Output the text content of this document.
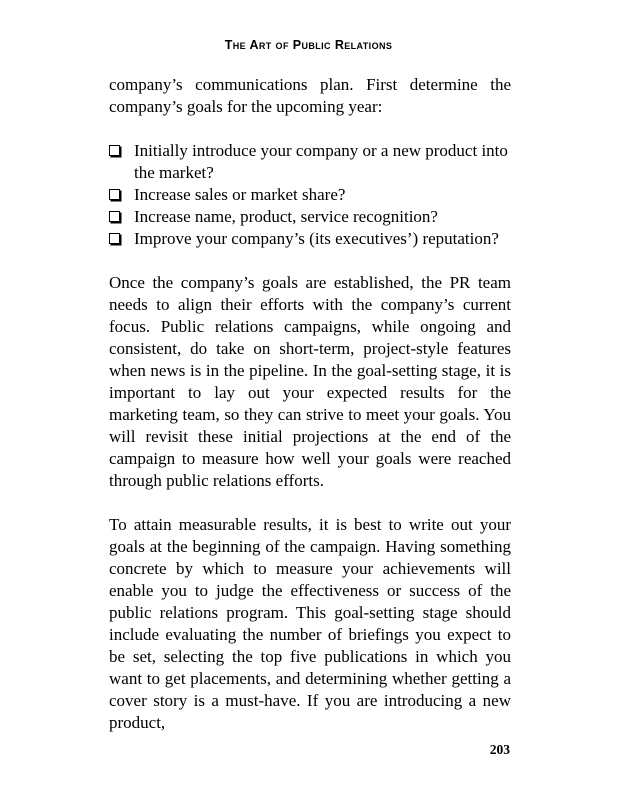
The Art of Public Relations

company’s communications plan. First determine the company’s goals for the upcoming year:

Initially introduce your company or a new product into the market?
Increase sales or market share?
Increase name, product, service recognition?
Improve your company’s (its executives’) reputation?

Once the company’s goals are established, the PR team needs to align their efforts with the company’s current focus. Public relations campaigns, while ongoing and consistent, do take on short-term, project-style features when news is in the pipeline. In the goal-setting stage, it is important to lay out your expected results for the marketing team, so they can strive to meet your goals. You will revisit these initial projections at the end of the campaign to measure how well your goals were reached through public relations efforts.

To attain measurable results, it is best to write out your goals at the beginning of the campaign. Having something concrete by which to measure your achievements will enable you to judge the effectiveness or success of the public relations program. This goal-setting stage should include evaluating the number of briefings you expect to be set, selecting the top five publications in which you want to get placements, and determining whether getting a cover story is a must-have. If you are introducing a new product,

203
